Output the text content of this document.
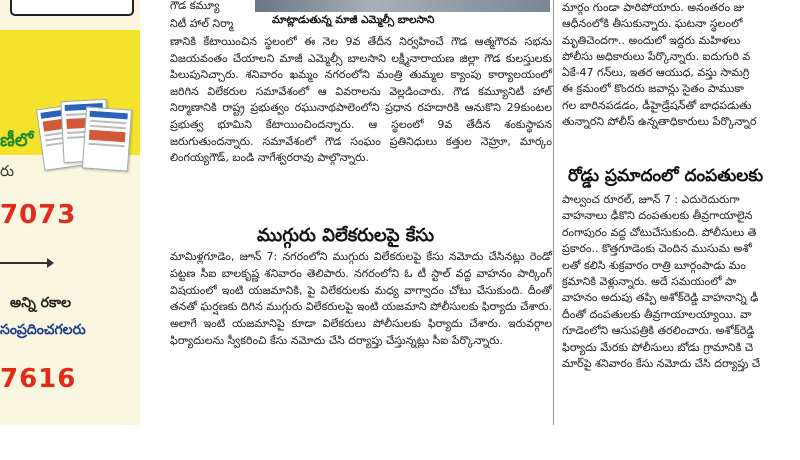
ణీలో
రు
7073
అన్ని రకాల
సంప్రదించగలరు
7616
గౌడ కమ్యూ
నిటీ హాల్ నిర్మా	మాట్లాడుతున్న మాజీ ఎమ్మెల్సీ బాలసాని
ణానికి కేటాయించిన స్థలంలో ఈ నెల 9వ తేదీన నిర్వహించే గౌడ ఆత్మగౌరవ సభను విజయవంతం చేయాలని మాజీ ఎమ్మెల్సీ బాలసాని లక్ష్మీనారాయణ జిల్లా గౌడ కులస్తులకు పిలుపునిచ్చారు. శనివారం ఖమ్మం నగరంలోని మంత్రి తుమ్మల క్యాంపు కార్యాలయంలో జరిగిన విలేకరుల సమావేశంలో ఆ వివరాలను వెల్లడించారు. గౌడ కమ్యూనిటీ హాల్ నిర్మాణానికి రాష్ట్ర ప్రభుత్వం రఘునాథపాలెంలోని ప్రధాన రహదారికి ఆనుకొని 29కుంటల ప్రభుత్వ భూమిని కేటాయించిందన్నారు. ఆ స్థలంలో 9వ తేదీన శంకుస్థాపన జరుగుతుందన్నారు. సమావేశంలో గౌడ సంఘం ప్రతినిధులు కత్తుల నెహ్రూ, మార్కం లింగయ్యగౌడ్, బండి నాగేశ్వరరావు పాల్గొన్నారు.
ముగ్గురు విలేకరులపై కేసు
మామిళ్లగూడెం, జూన్ 7: నగరంలోని ముగ్గురు విలేకరులపై కేసు నమోదు చేసినట్లు రెండో పట్టణ సీఐ బాలకృష్ణ శనివారం తెలిపారు. నగరంలోని ఓ టీ స్టాల్ వద్ద వాహనం పార్కింగ్ విషయంలో ఇంటి యజమానికి, పై విలేకరులకు మధ్య వాగ్వాదం చోటు చేసుకుంది. దీంతో తనతో ఘర్షణకు దిగిన ముగ్గురు విలేకరులపై ఇంటి యజమాని పోలీసులకు ఫిర్యాదు చేశారు. అలాగే ఇంటి యజమానిపై కూడా విలేకరులు పోలీసులకు ఫిర్యాదు చేశారు. ఇరువర్గాల ఫిర్యాదులను స్వీకరించి కేసు నమోదు చేసి దర్యాప్తు చేస్తున్నట్లు సీఐ పేర్కొన్నారు.
మార్గం గుండా పారిపోయారు. అనంతరం జు
ఆధీనంలోకి తీసుకున్నారు. ఘటనా స్థలంలో
మృతిచెందగా.. అందులో ఇద్దరు మహిళలు
పోలీసు అధికారులు పేర్కొన్నారు. ఐదుగురి వ
ఏకే-47 గన్‌లు, ఇతర ఆయుధ, వస్తు సామగ్రి
ఈ క్రమంలో కొందరు జవాన్లు సైతం పాముకా
గల బారినపడడం, డీహైడ్రేషన్‌తో బాధపడుతు
తున్నారని పోలీస్ ఉన్నతాధికారులు పేర్కొన్నార
రోడ్డు ప్రమాదంలో దంపతులకు
పాల్వంచ రూరల్, జూన్ 7 : ఎదురెదురుగా
వాహనాలు ఢీకొని దంపతులకు తీవ్రగాయాలైన
రంగాపురం వద్ద చోటుచేసుకుంది. పోలీసులు తె
ప్రకారం.. కొత్తగూడెంకు చెందిన ముసుమ అశో
లతో కలిసి శుక్రవారం రాత్రి బూర్గంపాడు మం
క్రమానికి వెళ్లున్నారు. అదే సమయంలో పా
వాహనం అదుపు తప్పి అశోక్‌రెడ్డి వాహనాన్ని ఢీ
దీంతో దంపతులకు తీవ్రగాయాలయ్యాయి. వా
గూడెంలోని ఆసుపత్రికి తరలించారు. అశోక్‌రెడ్డి
ఫిర్యాదు మేరకు పోలీసులు బోడు గ్రామానికి చె
మార్‌పై శనివారం కేసు నమోదు చేసి దర్యాప్తు చే
